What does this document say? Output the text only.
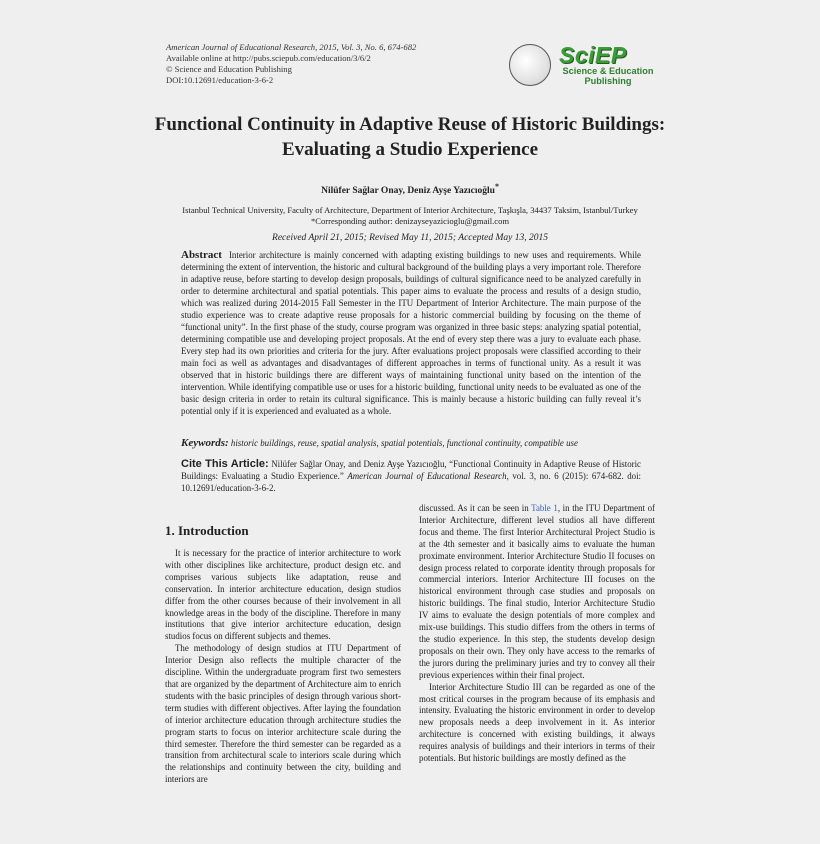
American Journal of Educational Research, 2015, Vol. 3, No. 6, 674-682
Available online at http://pubs.sciepub.com/education/3/6/2
© Science and Education Publishing
DOI:10.12691/education-3-6-2
SciEP
Science & Education
Publishing
Functional Continuity in Adaptive Reuse of Historic Buildings: Evaluating a Studio Experience
Nilüfer Sağlar Onay, Deniz Ayşe Yazıcıoğlu*
Istanbul Technical University, Faculty of Architecture, Department of Interior Architecture, Taşkışla, 34437 Taksim, Istanbul/Turkey
*Corresponding author: denizayseyazicioglu@gmail.com
Received April 21, 2015; Revised May 11, 2015; Accepted May 13, 2015
Abstract Interior architecture is mainly concerned with adapting existing buildings to new uses and requirements. While determining the extent of intervention, the historic and cultural background of the building plays a very important role. Therefore in adaptive reuse, before starting to develop design proposals, buildings of cultural significance need to be analyzed carefully in order to determine architectural and spatial potentials. This paper aims to evaluate the process and results of a design studio, which was realized during 2014-2015 Fall Semester in the ITU Department of Interior Architecture. The main purpose of the studio experience was to create adaptive reuse proposals for a historic commercial building by focusing on the theme of “functional unity”. In the first phase of the study, course program was organized in three basic steps: analyzing spatial potential, determining compatible use and developing project proposals. At the end of every step there was a jury to evaluate each phase. Every step had its own priorities and criteria for the jury. After evaluations project proposals were classified according to their main foci as well as advantages and disadvantages of different approaches in terms of functional unity. As a result it was observed that in historic buildings there are different ways of maintaining functional unity based on the intention of the intervention. While identifying compatible use or uses for a historic building, functional unity needs to be evaluated as one of the basic design criteria in order to retain its cultural significance. This is mainly because a historic building can fully reveal it’s potential only if it is experienced and evaluated as a whole.
Keywords: historic buildings, reuse, spatial analysis, spatial potentials, functional continuity, compatible use
Cite This Article: Nilüfer Sağlar Onay, and Deniz Ayşe Yazıcıoğlu, “Functional Continuity in Adaptive Reuse of Historic Buildings: Evaluating a Studio Experience.” American Journal of Educational Research, vol. 3, no. 6 (2015): 674-682. doi: 10.12691/education-3-6-2.
1. Introduction

It is necessary for the practice of interior architecture to work with other disciplines like architecture, product design etc. and comprises various subjects like adaptation, reuse and conservation. In interior architecture education, design studios differ from the other courses because of their involvement in all knowledge areas in the body of the discipline. Therefore in many institutions that give interior architecture education, design studios focus on different subjects and themes.

The methodology of design studios at ITU Department of Interior Design also reflects the multiple character of the discipline. Within the undergraduate program first two semesters that are organized by the department of Architecture aim to enrich students with the basic principles of design through various short-term studies with different objectives. After laying the foundation of interior architecture education through architecture studies the program starts to focus on interior architecture scale during the third semester. Therefore the third semester can be regarded as a transition from architectural scale to interiors scale during which the relationships and continuity between the city, building and interiors are

discussed. As it can be seen in Table 1, in the ITU Department of Interior Architecture, different level studios all have different focus and theme. The first Interior Architectural Project Studio is at the 4th semester and it basically aims to evaluate the human proximate environment. Interior Architecture Studio II focuses on design process related to corporate identity through proposals for commercial interiors. Interior Architecture III focuses on the historical environment through case studies and proposals on historic buildings. The final studio, Interior Architecture Studio IV aims to evaluate the design potentials of more complex and mix-use buildings. This studio differs from the others in terms of the studio experience. In this step, the students develop design proposals on their own. They only have access to the remarks of the jurors during the preliminary juries and try to convey all their previous experiences within their final project.

Interior Architecture Studio III can be regarded as one of the most critical courses in the program because of its emphasis and intensity. Evaluating the historic environment in order to develop new proposals needs a deep involvement in it. As interior architecture is concerned with existing buildings, it always requires analysis of buildings and their interiors in terms of their potentials. But historic buildings are mostly defined as the
